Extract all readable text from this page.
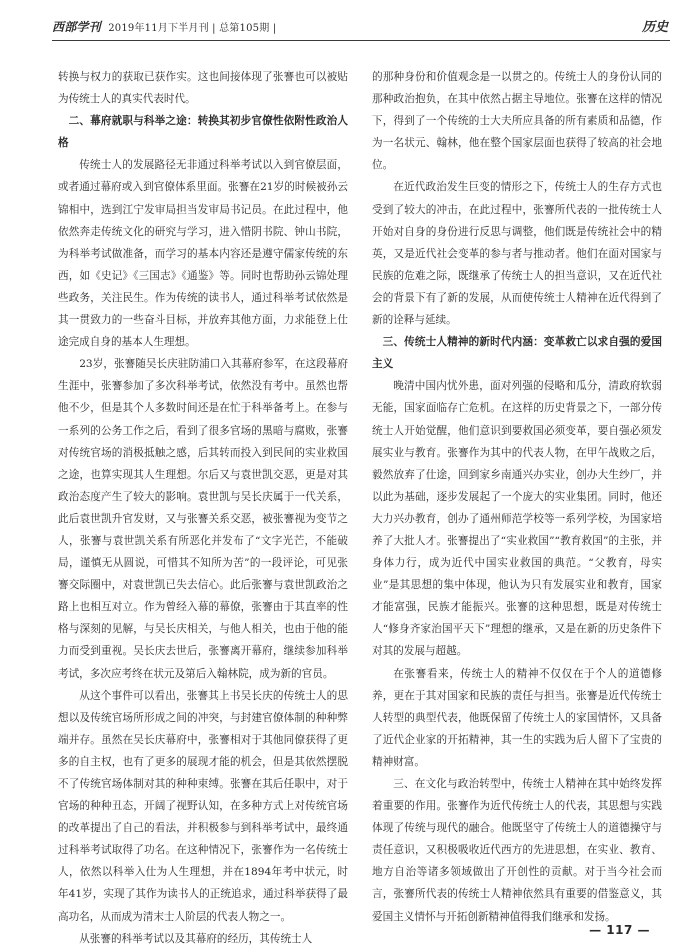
西部学刊 2019年11月下半月刊 | 总第105期 |	历史

转换与权力的获取已获作实。这也间接体现了张謇也可以被贴为传统士人的真实代表时代。

二、幕府就职与科举之途：转换其初步官僚性依附性政治人格

传统士人的发展路径无非通过科举考试以入到官僚层面，或者通过幕府或入到官僚体系里面。张謇在21岁的时候被孙云锦相中，选到江宁发审局担当发审局书记员。在此过程中，他依然奔走传统文化的研究与学习，进入惜阴书院、钟山书院，为科举考试做准备，而学习的基本内容还是遵守儒家传统的东西，如《史记》《三国志》《通鉴》等。同时也帮助孙云锦处理些政务，关注民生。作为传统的读书人，通过科举考试依然是其一贯致力的一些奋斗目标，并放弃其他方面，力求能登上仕途完成自身的基本人生理想。

23岁，张謇随吴长庆驻防浦口入其幕府参军，在这段幕府生涯中，张謇参加了多次科举考试，依然没有考中。虽然也帮他不少，但是其个人多数时间还是在忙于科举备考上。在参与一系列的公务工作之后，看到了很多官场的黑暗与腐败，张謇对传统官场的消极抵触之感，后其转而投入到民间的实业救国之途，也算实现其人生理想。尔后又与袁世凯交恶，更是对其政治态度产生了较大的影响。袁世凯与吴长庆属于一代关系，此后袁世凯升官发财，又与张謇关系交恶，被张謇视为变节之人，张謇与袁世凯关系有所恶化并发布了“文字光芒，不能破局，谨慎无从圆说，可惜其不知所为苦”的一段评论，可见张謇交际圈中，对袁世凯已失去信心。此后张謇与袁世凯政治之路上也相互对立。作为曾经入幕的幕僚，张謇由于其直率的性格与深刻的见解，与吴长庆相关，与他人相关，也由于他的能力而受到重视。吴长庆去世后，张謇离开幕府，继续参加科举考试，多次应考终在状元及第后入翰林院，成为新的官员。

从这个事件可以看出，张謇其上书吴长庆的传统士人的思想以及传统官场所形成之间的冲突，与封建官僚体制的种种弊端并存。虽然在吴长庆幕府中，张謇相对于其他同僚获得了更多的自主权，也有了更多的展现才能的机会，但是其依然摆脱不了传统官场体制对其的种种束缚。张謇在其后任职中，对于官场的种种丑态，开阔了视野认知，在多种方式上对传统官场的改革提出了自己的看法，并积极参与到科举考试中，最终通过科举考试取得了功名。在这种情况下，张謇作为一名传统士人，依然以科举入仕为人生理想，并在1894年考中状元，时年41岁，实现了其作为读书人的正统追求，通过科举获得了最高功名，从而成为清末士人阶层的代表人物之一。

从张謇的科举考试以及其幕府的经历，其传统士人

的那种身份和价值观念是一以贯之的。传统士人的身份认同的那种政治抱负，在其中依然占据主导地位。张謇在这样的情况下，得到了一个传统的士大夫所应具备的所有素质和品德，作为一名状元、翰林，他在整个国家层面也获得了较高的社会地位。

在近代政治发生巨变的情形之下，传统士人的生存方式也受到了较大的冲击，在此过程中，张謇所代表的一批传统士人开始对自身的身份进行反思与调整，他们既是传统社会中的精英，又是近代社会变革的参与者与推动者。他们在面对国家与民族的危难之际，既继承了传统士人的担当意识，又在近代社会的背景下有了新的发展，从而使传统士人精神在近代得到了新的诠释与延续。

三、传统士人精神的新时代内涵：变革救亡以求自强的爱国主义

晚清中国内忧外患，面对列强的侵略和瓜分，清政府软弱无能，国家面临存亡危机。在这样的历史背景之下，一部分传统士人开始觉醒，他们意识到要救国必须变革，要自强必须发展实业与教育。张謇作为其中的代表人物，在甲午战败之后，毅然放弃了仕途，回到家乡南通兴办实业，创办大生纱厂，并以此为基础，逐步发展起了一个庞大的实业集团。同时，他还大力兴办教育，创办了通州师范学校等一系列学校，为国家培养了大批人才。张謇提出了“实业救国”“教育救国”的主张，并身体力行，成为近代中国实业救国的典范。“父教育，母实业”是其思想的集中体现，他认为只有发展实业和教育，国家才能富强，民族才能振兴。张謇的这种思想，既是对传统士人“修身齐家治国平天下”理想的继承，又是在新的历史条件下对其的发展与超越。

在张謇看来，传统士人的精神不仅仅在于个人的道德修养，更在于其对国家和民族的责任与担当。张謇是近代传统士人转型的典型代表，他既保留了传统士人的家国情怀，又具备了近代企业家的开拓精神，其一生的实践为后人留下了宝贵的精神财富。

三、在文化与政治转型中，传统士人精神在其中始终发挥着重要的作用。张謇作为近代传统士人的代表，其思想与实践体现了传统与现代的融合。他既坚守了传统士人的道德操守与责任意识，又积极吸收近代西方的先进思想，在实业、教育、地方自治等诸多领域做出了开创性的贡献。对于当今社会而言，张謇所代表的传统士人精神依然具有重要的借鉴意义，其爱国主义情怀与开拓创新精神值得我们继承和发扬。

— 117 —
